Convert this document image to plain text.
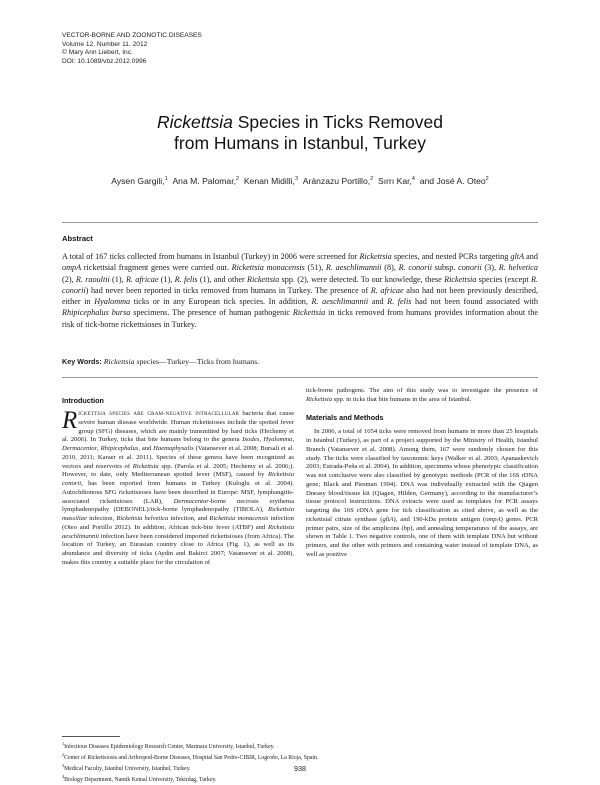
VECTOR-BORNE AND ZOONOTIC DISEASES
Volume 12, Number 11, 2012
© Mary Ann Liebert, Inc.
DOI: 10.1089/vbz.2012.0996
Rickettsia Species in Ticks Removed
from Humans in Istanbul, Turkey
Aysen Gargili,$^1$ Ana M. Palomar,$^2$ Kenan Midilli,$^3$ Aránzazu Portillo,$^2$ Sırrı Kar,$^4$ and José A. Oteo$^2$
Abstract
A total of 167 ticks collected from humans in Istanbul (Turkey) in 2006 were screened for Rickettsia species, and nested PCRs targeting gltA and ompA rickettsial fragment genes were carried out. Rickettsia monacensis (51), R. aeschlimannii (8), R. conorii subsp. conorii (3), R. helvetica (2), R. raoultii (1), R. africae (1), R. felis (1), and other Rickettsia spp. (2), were detected. To our knowledge, these Rickettsia species (except R. conorii) had never been reported in ticks removed from humans in Turkey. The presence of R. africae also had not been previously described, either in Hyalomma ticks or in any European tick species. In addition, R. aeschlimannii and R. felis had not been found associated with Rhipicephalus bursa specimens. The presence of human pathogenic Rickettsia in ticks removed from humans provides information about the risk of tick-borne rickettsioses in Turkey.
Key Words: Rickettsia species—Turkey—Ticks from humans.
Introduction

Rickettsia species are gram-negative intracellular bacteria that cause severe human disease worldwide. Human rickettsioses include the spotted fever group (SFG) diseases, which are mainly transmitted by hard ticks (Hechemy et al. 2006). In Turkey, ticks that bite humans belong to the genera Ixodes, Hyalomma, Dermacentor, Rhipicephalus, and Haemaphysalis (Vatansever et al. 2008; Bursali et al. 2010, 2011; Karaer et al. 2011). Species of these genera have been recognized as vectors and reservoirs of Rickettsia spp. (Parola et al. 2005; Hechemy et al. 2006;). However, to date, only Mediterranean spotted fever (MSF), caused by Rickettsia conorii, has been reported from humans in Turkey (Kuloglu et al. 2004). Autochthonous SFG rickettsioses have been described in Europe: MSF, lymphangitis-associated rickettsioses (LAR), Dermacentor-borne necrosis erythema lymphadenopathy (DEBONEL)/tick-borne lymphadenopathy (TIBOLA), Rickettsia massiliae infection, Rickettsia helvetica infection, and Rickettsia monacensis infection (Oteo and Portillo 2012). In addition, African tick-bite fever (ATBF) and Rickettsia aeschlimannii infection have been considered imported rickettsioses (from Africa). The location of Turkey, an Eurasian country close to Africa (Fig. 1), as well as its abundance and diversity of ticks (Aydin and Bakirci 2007; Vatansever et al. 2008), makes this country a suitable place for the circulation of

tick-borne pathogens. The aim of this study was to investigate the presence of Rickettsia spp. in ticks that bite humans in the area of Istanbul.

Materials and Methods

In 2006, a total of 1054 ticks were removed from humans in more than 25 hospitals in Istanbul (Turkey), as part of a project supported by the Ministry of Health, Istanbul Branch (Vatansever et al. 2008). Among them, 167 were randomly chosen for this study. The ticks were classified by taxonomic keys (Walker et al. 2003; Apanaskevich 2003; Estrada-Peña et al. 2004). In addition, specimens whose phenotypic classification was not conclusive were also classified by genotypic methods (PCR of the 16S rDNA gene; Black and Piesman 1994). DNA was individually extracted with the Qiagen Dneasy blood/tissue kit (Qiagen, Hilden, Germany), according to the manufacturer’s tissue protocol instructions. DNA extracts were used as templates for PCR assays targeting the 16S rDNA gene for tick classification as cited above, as well as the rickettsial citrate synthase (gltA), and 190-kDa protein antigen (ompA) genes. PCR primer pairs, size of the amplicons (bp), and annealing temperatures of the assays, are shown in Table 1. Two negative controls, one of them with template DNA but without primers, and the other with primers and containing water instead of template DNA, as well as positive

$^1$Infectious Diseases Epidemiology Research Centre, Marmara University, Istanbul, Turkey.
$^2$Center of Rickettsiosis and Arthropod-Borne Diseases, Hospital San Pedro-CIBIR, Logroño, La Rioja, Spain.
$^3$Medical Faculty, Istanbul University, Istanbul, Turkey.
$^4$Biology Department, Namik Kemal University, Tekirdag, Turkey.
938
